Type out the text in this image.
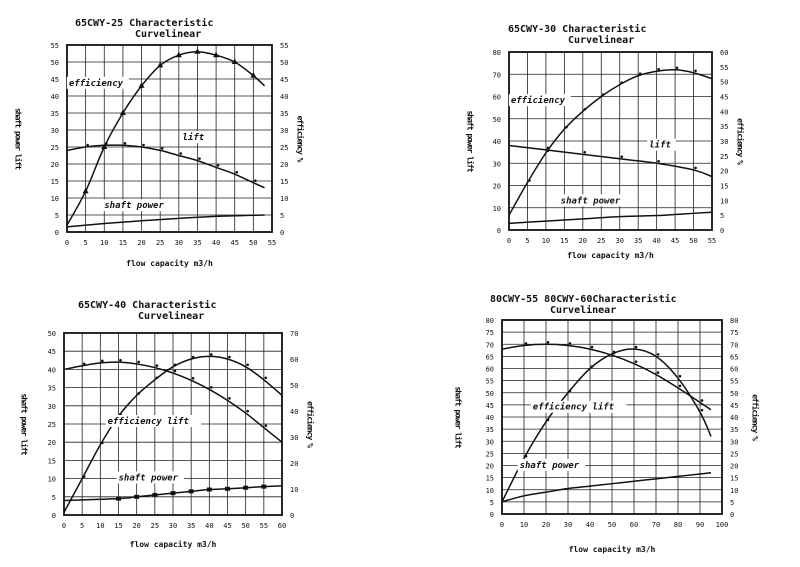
65CWY-25 Characteristic
Curvelinear
0 5 10 15 20 25 30 35 40 45 50 55
0
5
10
15
20
25
30
35
40
45
50
55
0
5
10
15
20
25
30
35
40
45
50
55
flow capacity m3/h
shaft power lift	efficiency %
efficiency
lift
shaft power
65CWY-30 Characteristic
Curvelinear
0 5 10 15 20 25 30 35 40 45 50 55
0
10
20
30
40
50
60
70
80
0
5
10
15
20
25
30
35
40
45
50
55
60
flow capacity m3/h
shaft power lift	efficiency %
efficiency
lift
shaft power
65CWY-40 Characteristic
Curvelinear
0 5 10 15 20 25 30 35 40 45 50 55 60
0
5
10
15
20
25
30
35
40
45
50
0
10
20
30
40
50
60
70
flow capacity m3/h
shaft power lift	efficiency %
efficiency lift
shaft power
80CWY-55 80CWY-60Characteristic
Curvelinear
0 10 20 30 40 50 60 70 80 90 100
0
5
10
15
20
25
30
35
40
45
50
55
60
65
70
75
80
0
5
10
15
20
25
30
35
40
45
50
55
60
65
70
75
80
flow capacity m3/h
shaft power lift	efficiency %
efficiency lift
shaft power
